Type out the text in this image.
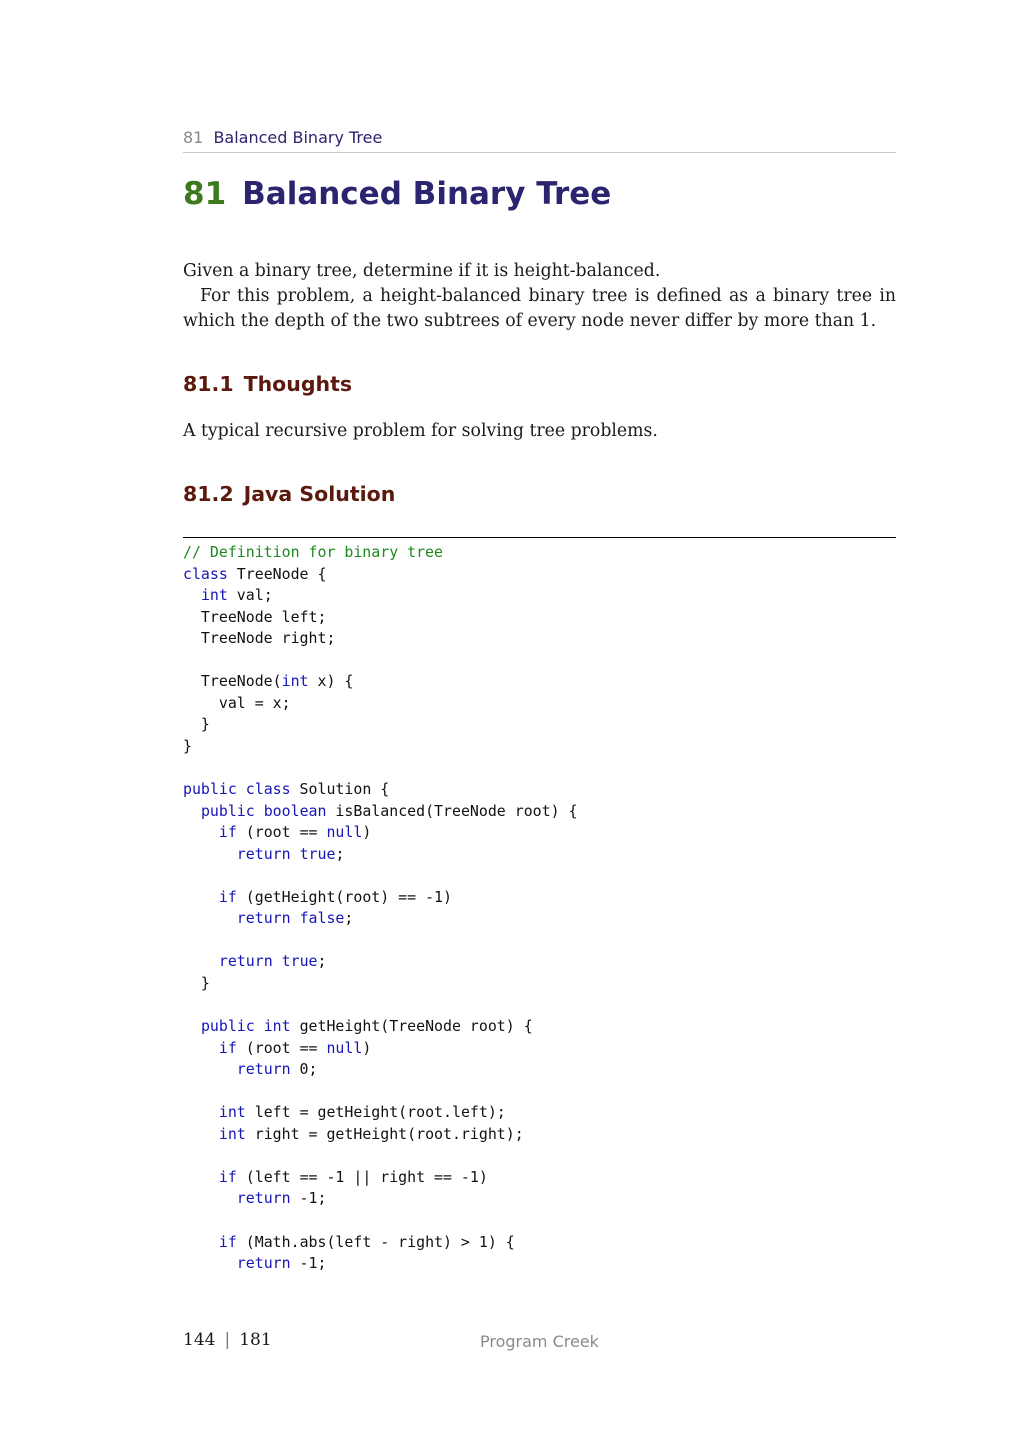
81 Balanced Binary Tree
81 Balanced Binary Tree

Given a binary tree, determine if it is height-balanced.

For this problem, a height-balanced binary tree is defined as a binary tree in which the depth of the two subtrees of every node never differ by more than 1.

81.1 Thoughts

A typical recursive problem for solving tree problems.

81.2 Java Solution
// Definition for binary tree
class TreeNode {
int val;
TreeNode left;
TreeNode right;

TreeNode(int x) {
val = x;
}
}

public class Solution {
public boolean isBalanced(TreeNode root) {
if (root == null)
return true;

if (getHeight(root) == -1)
return false;

return true;
}

public int getHeight(TreeNode root) {
if (root == null)
return 0;

int left = getHeight(root.left);
int right = getHeight(root.right);

if (left == -1 || right == -1)
return -1;

if (Math.abs(left - right) > 1) {
return -1;
144 | 181	Program Creek
